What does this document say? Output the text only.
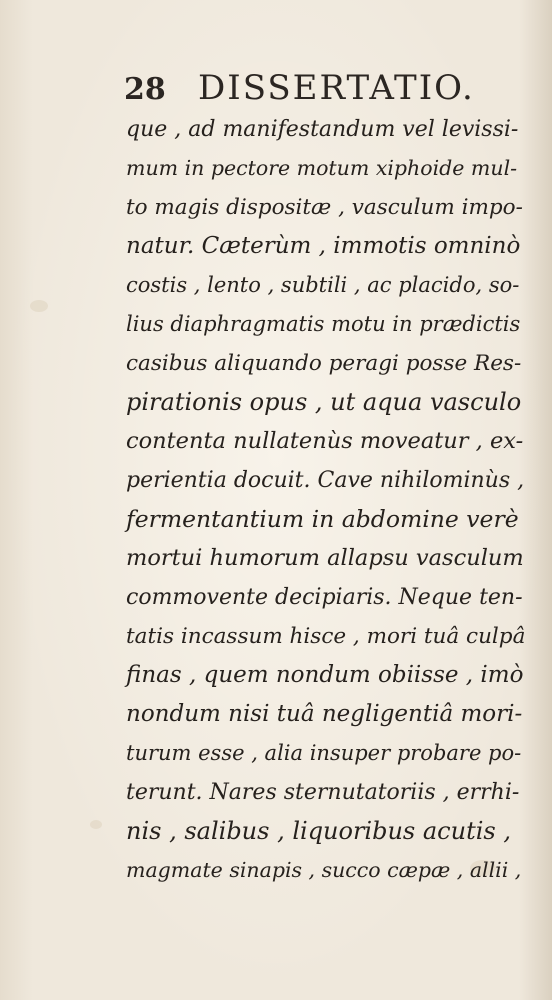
28 DISSERTATIO.
que , ad manifestandum vel levissi-
mum in pectore motum xiphoide mul-
to magis dispositæ , vasculum impo-
natur. Cæterùm , immotis omninò
costis , lento , subtili , ac placido, so-
lius diaphragmatis motu in prædictis
casibus aliquando peragi posse Res-
pirationis opus , ut aqua vasculo
contenta nullatenùs moveatur , ex-
perientia docuit. Cave nihilominùs ,
fermentantium in abdomine verè
mortui humorum allapsu vasculum
commovente decipiaris. Neque ten-
tatis incassum hisce , mori tuâ culpâ
finas , quem nondum obiisse , imò
nondum nisi tuâ negligentiâ mori-
turum esse , alia insuper probare po-
terunt. Nares sternutatoriis , errhi-
nis , salibus , liquoribus acutis ,
magmate sinapis , succo cæpæ , allii ,
